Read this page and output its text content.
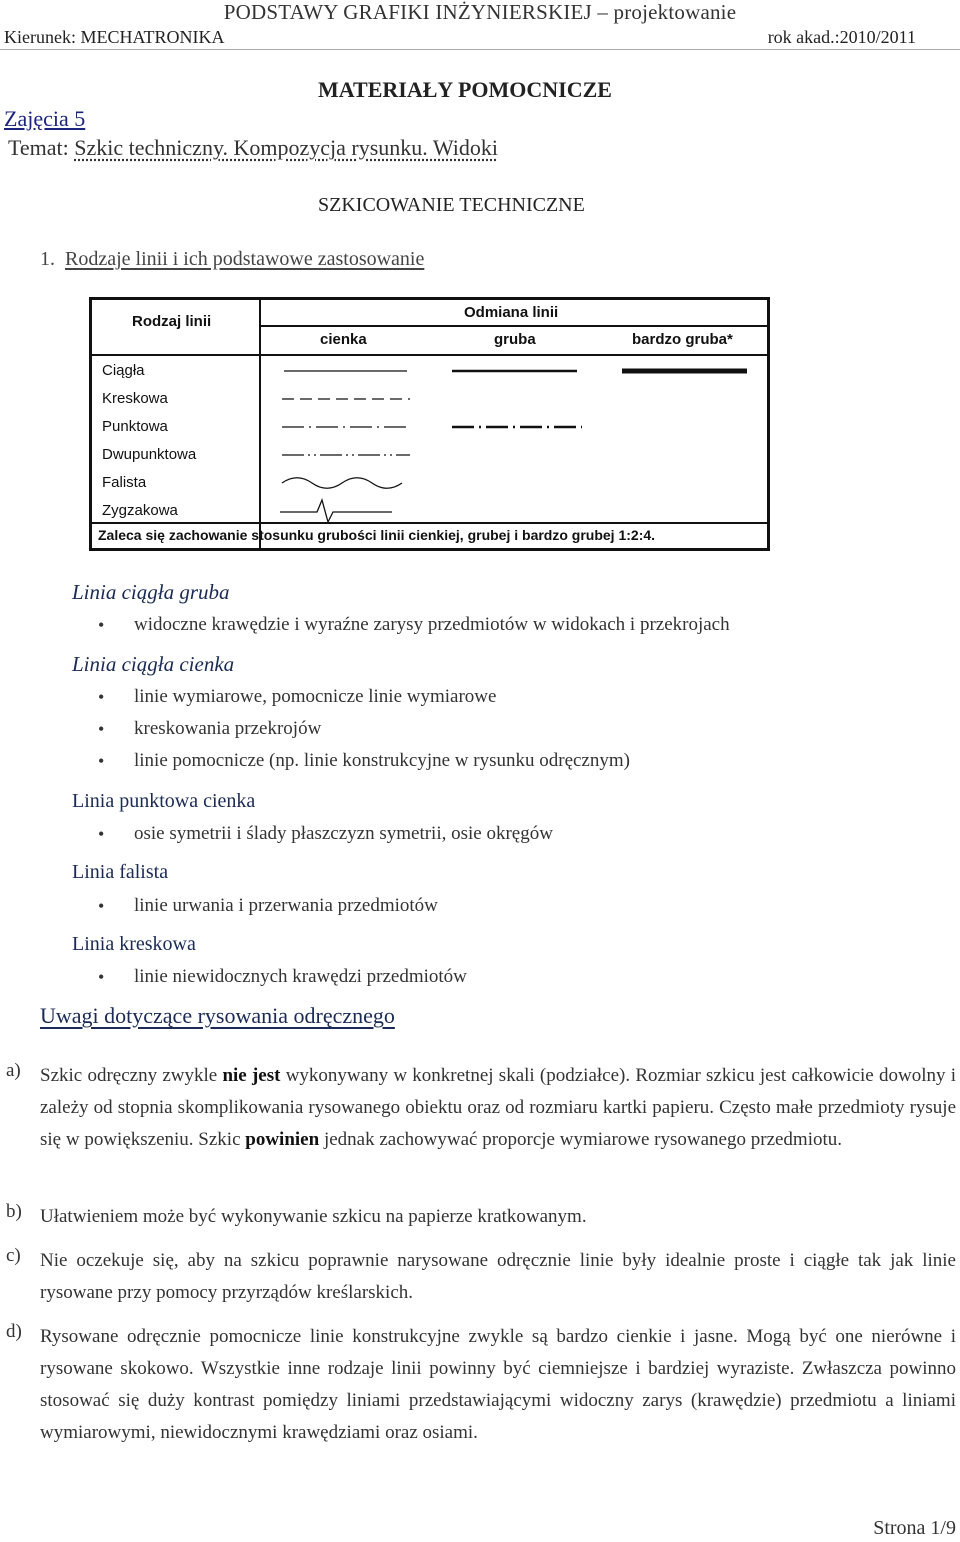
PODSTAWY GRAFIKI INŻYNIERSKIEJ – projektowanie
Kierunek: MECHATRONIKA	rok akad.:2010/2011
MATERIAŁY POMOCNICZE
Zajęcia 5
Temat: Szkic techniczny. Kompozycja rysunku. Widoki
SZKICOWANIE TECHNICZNE
1. Rodzaje linii i ich podstawowe zastosowanie
Rodzaj linii
Odmiana linii
cienka	gruba	bardzo gruba*
Ciągła
Kreskowa
Punktowa
Dwupunktowa
Falista
Zygzakowa
Zaleca się zachowanie stosunku grubości linii cienkiej, grubej i bardzo grubej 1:2:4.
Linia ciągła gruba
• widoczne krawędzie i wyraźne zarysy przedmiotów w widokach i przekrojach
Linia ciągła cienka
• linie wymiarowe, pomocnicze linie wymiarowe
• kreskowania przekrojów
• linie pomocnicze (np. linie konstrukcyjne w rysunku odręcznym)
Linia punktowa cienka
• osie symetrii i ślady płaszczyzn symetrii, osie okręgów
Linia falista
• linie urwania i przerwania przedmiotów
Linia kreskowa
• linie niewidocznych krawędzi przedmiotów
Uwagi dotyczące rysowania odręcznego
a) Szkic odręczny zwykle nie jest wykonywany w konkretnej skali (podziałce). Rozmiar szkicu jest całkowicie dowolny i zależy od stopnia skomplikowania rysowanego obiektu oraz od rozmiaru kartki papieru. Często małe przedmioty rysuje się w powiększeniu. Szkic powinien jednak zachowywać proporcje wymiarowe rysowanego przedmiotu.
b) Ułatwieniem może być wykonywanie szkicu na papierze kratkowanym.
c) Nie oczekuje się, aby na szkicu poprawnie narysowane odręcznie linie były idealnie proste i ciągłe tak jak linie rysowane przy pomocy przyrządów kreślarskich.
d) Rysowane odręcznie pomocnicze linie konstrukcyjne zwykle są bardzo cienkie i jasne. Mogą być one nierówne i rysowane skokowo. Wszystkie inne rodzaje linii powinny być ciemniejsze i bardziej wyraziste. Zwłaszcza powinno stosować się duży kontrast pomiędzy liniami przedstawiającymi widoczny zarys (krawędzie) przedmiotu a liniami wymiarowymi, niewidocznymi krawędziami oraz osiami.
Strona 1/9
